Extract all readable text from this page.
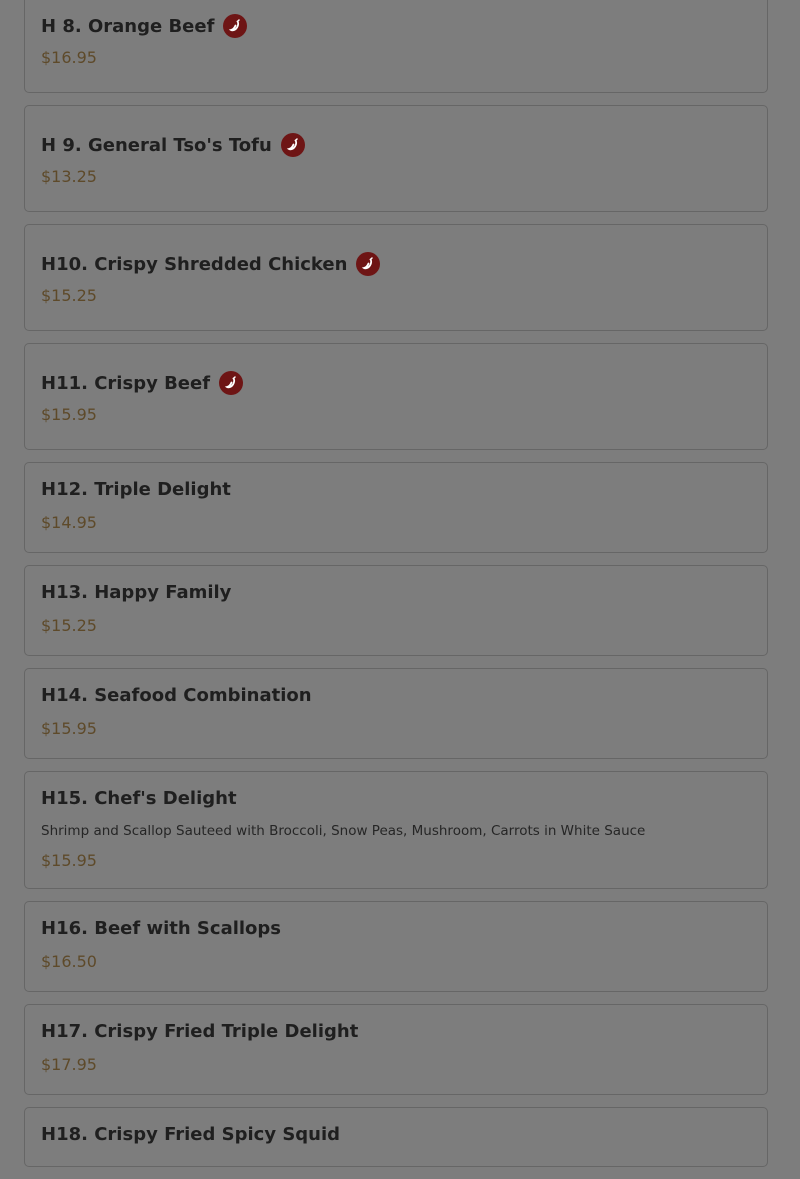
H 8. Orange Beef
$16.95
H 9. General Tso's Tofu
$13.25
H10. Crispy Shredded Chicken
$15.25
H11. Crispy Beef
$15.95
H12. Triple Delight
$14.95
H13. Happy Family
$15.25
H14. Seafood Combination
$15.95
H15. Chef's Delight
Shrimp and Scallop Sauteed with Broccoli, Snow Peas, Mushroom, Carrots in White Sauce
$15.95
H16. Beef with Scallops
$16.50
H17. Crispy Fried Triple Delight
$17.95
H18. Crispy Fried Spicy Squid
